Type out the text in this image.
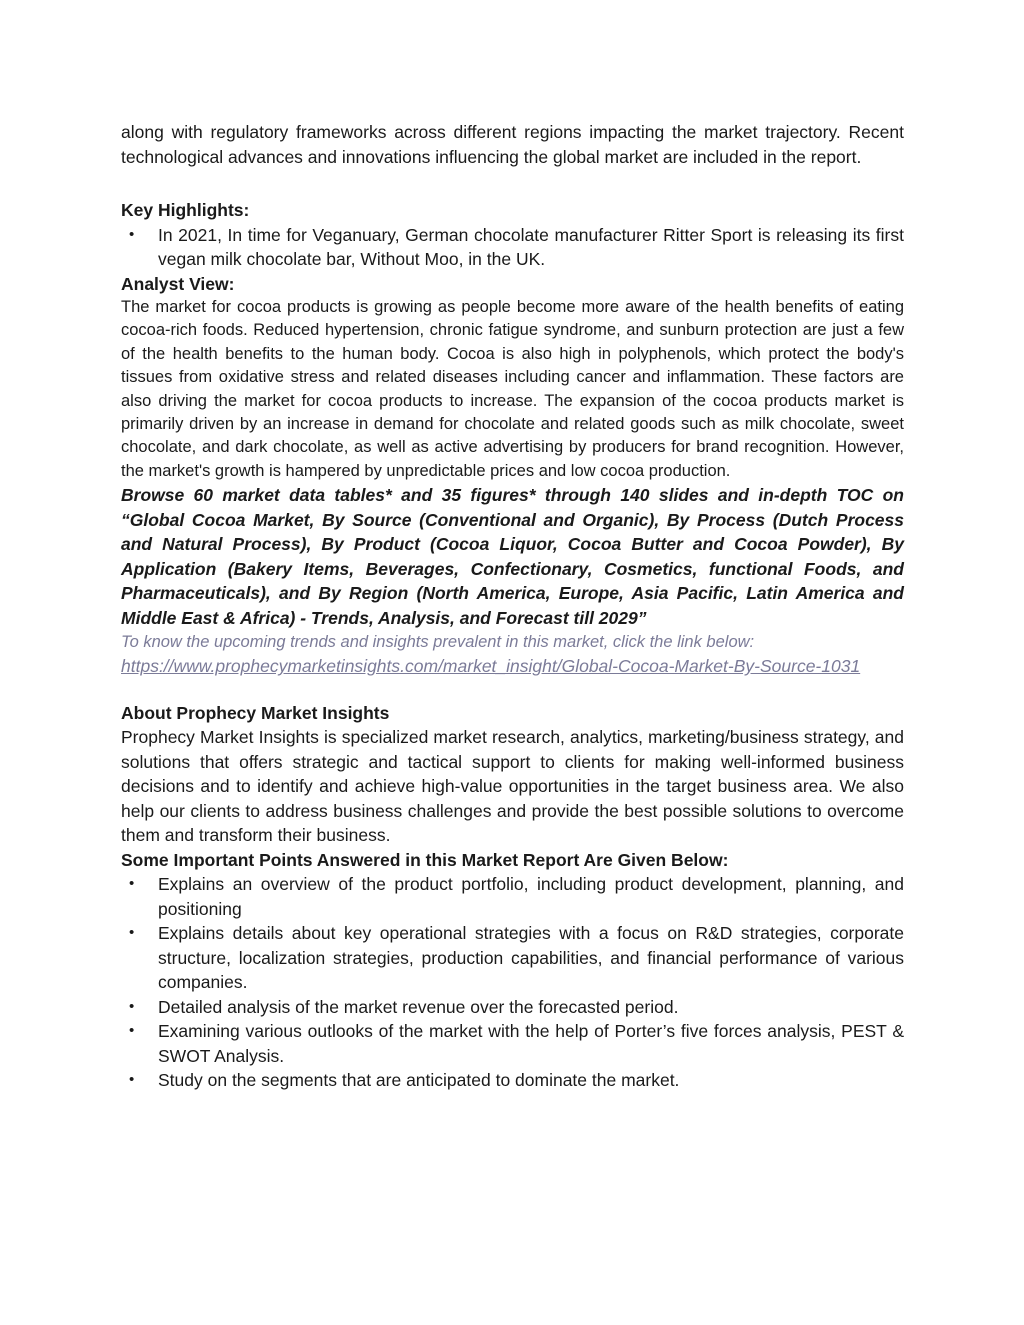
along with regulatory frameworks across different regions impacting the market trajectory. Recent technological advances and innovations influencing the global market are included in the report.

Key Highlights:

• In 2021, In time for Veganuary, German chocolate manufacturer Ritter Sport is releasing its first vegan milk chocolate bar, Without Moo, in the UK.

Analyst View:

The market for cocoa products is growing as people become more aware of the health benefits of eating cocoa-rich foods. Reduced hypertension, chronic fatigue syndrome, and sunburn protection are just a few of the health benefits to the human body. Cocoa is also high in polyphenols, which protect the body's tissues from oxidative stress and related diseases including cancer and inflammation. These factors are also driving the market for cocoa products to increase. The expansion of the cocoa products market is primarily driven by an increase in demand for chocolate and related goods such as milk chocolate, sweet chocolate, and dark chocolate, as well as active advertising by producers for brand recognition. However, the market's growth is hampered by unpredictable prices and low cocoa production.

Browse 60 market data tables* and 35 figures* through 140 slides and in-depth TOC on “Global Cocoa Market, By Source (Conventional and Organic), By Process (Dutch Process and Natural Process), By Product (Cocoa Liquor, Cocoa Butter and Cocoa Powder), By Application (Bakery Items, Beverages, Confectionary, Cosmetics, functional Foods, and Pharmaceuticals), and By Region (North America, Europe, Asia Pacific, Latin America and Middle East & Africa) - Trends, Analysis, and Forecast till 2029”

To know the upcoming trends and insights prevalent in this market, click the link below:

https://www.prophecymarketinsights.com/market_insight/Global-Cocoa-Market-By-Source-1031

About Prophecy Market Insights

Prophecy Market Insights is specialized market research, analytics, marketing/business strategy, and solutions that offers strategic and tactical support to clients for making well-informed business decisions and to identify and achieve high-value opportunities in the target business area. We also help our clients to address business challenges and provide the best possible solutions to overcome them and transform their business.

Some Important Points Answered in this Market Report Are Given Below:

• Explains an overview of the product portfolio, including product development, planning, and positioning
• Explains details about key operational strategies with a focus on R&D strategies, corporate structure, localization strategies, production capabilities, and financial performance of various companies.
• Detailed analysis of the market revenue over the forecasted period.
• Examining various outlooks of the market with the help of Porter’s five forces analysis, PEST & SWOT Analysis.
• Study on the segments that are anticipated to dominate the market.
